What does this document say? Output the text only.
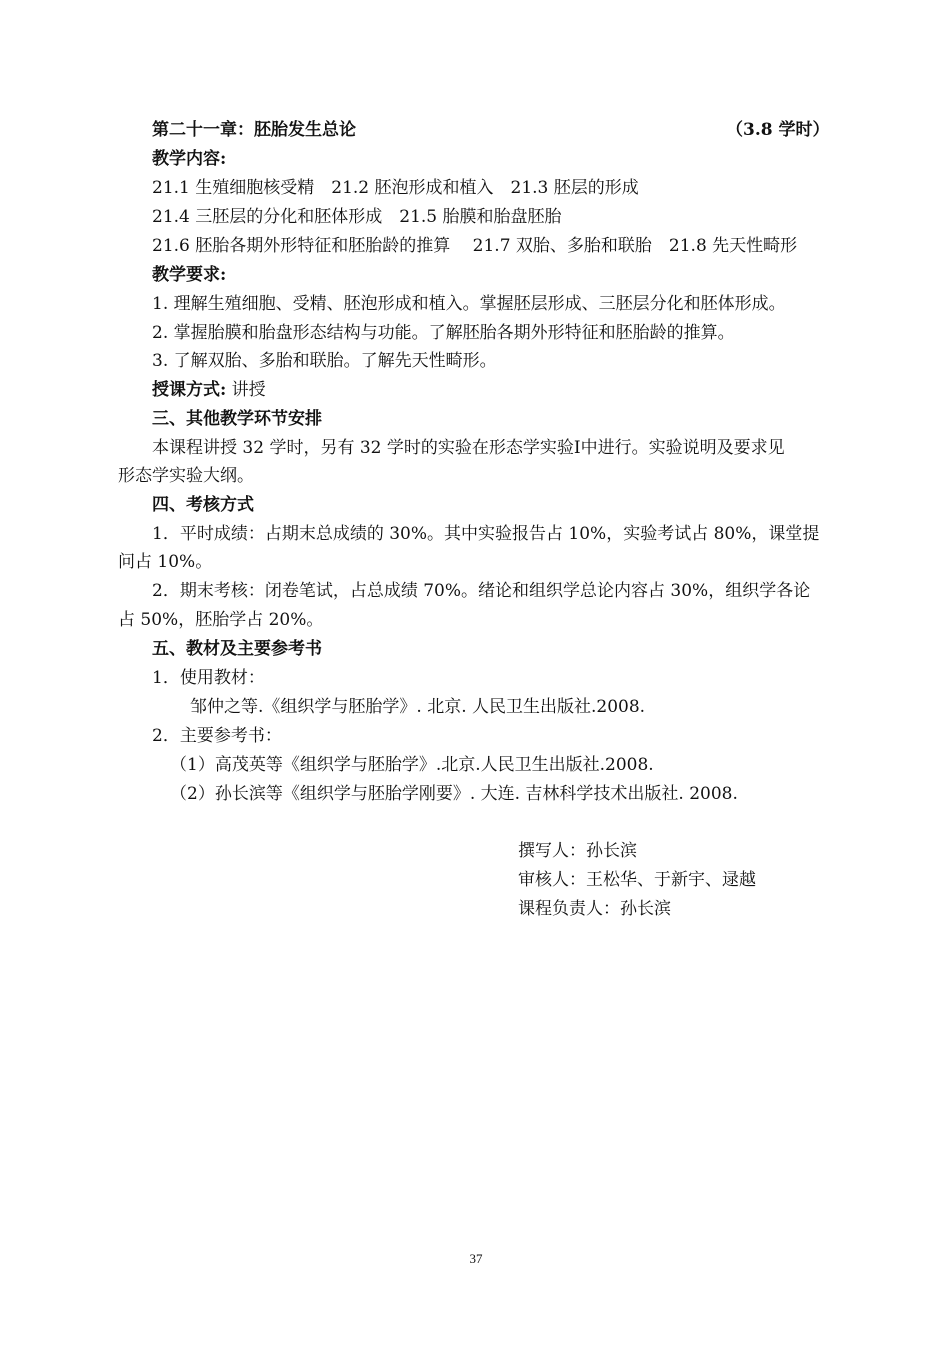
第二十一章：胚胎发生总论	（3.8 学时）
教学内容:
21.1 生殖细胞核受精　21.2 胚泡形成和植入　21.3 胚层的形成
21.4 三胚层的分化和胚体形成　21.5 胎膜和胎盘胚胎
21.6 胚胎各期外形特征和胚胎龄的推算　 21.7 双胎、多胎和联胎　21.8 先天性畸形
教学要求:
1. 理解生殖细胞、受精、胚泡形成和植入。掌握胚层形成、三胚层分化和胚体形成。
2. 掌握胎膜和胎盘形态结构与功能。了解胚胎各期外形特征和胚胎龄的推算。
3. 了解双胎、多胎和联胎。了解先天性畸形。
授课方式: 讲授
三、其他教学环节安排
本课程讲授 32 学时，另有 32 学时的实验在形态学实验Ⅰ中进行。实验说明及要求见
形态学实验大纲。
四、考核方式
1．平时成绩：占期末总成绩的 30%。其中实验报告占 10%，实验考试占 80%，课堂提
问占 10%。
2．期末考核：闭卷笔试，占总成绩 70%。绪论和组织学总论内容占 30%，组织学各论
占 50%，胚胎学占 20%。
五、教材及主要参考书
1．使用教材：
邹仲之等.《组织学与胚胎学》. 北京. 人民卫生出版社.2008.
2．主要参考书：
（1）高茂英等《组织学与胚胎学》.北京.人民卫生出版社.2008.
（2）孙长滨等《组织学与胚胎学刚要》. 大连. 吉林科学技术出版社. 2008.
撰写人：孙长滨
审核人：王松华、于新宇、逯越
课程负责人：孙长滨
37
